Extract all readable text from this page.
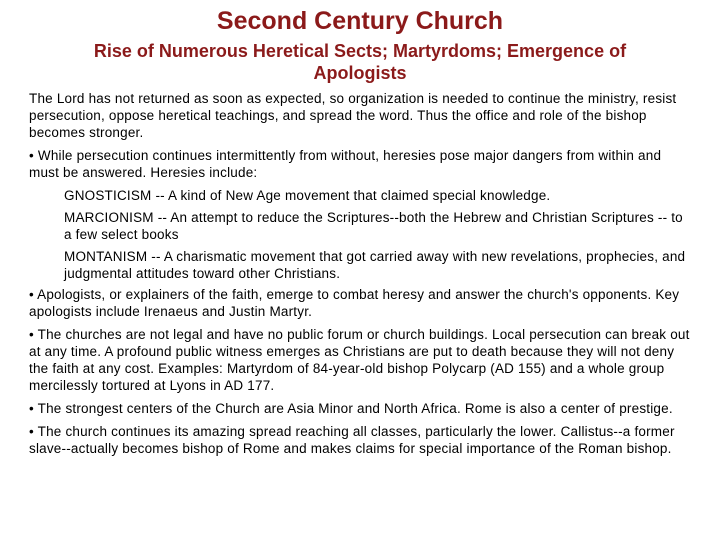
Second Century Church
Rise of Numerous Heretical Sects; Martyrdoms; Emergence of Apologists

The Lord has not returned as soon as expected, so organization is needed to continue the ministry, resist persecution, oppose heretical teachings, and spread the word. Thus the office and role of the bishop becomes stronger.

• While persecution continues intermittently from without, heresies pose major dangers from within and must be answered. Heresies include:

GNOSTICISM -- A kind of New Age movement that claimed special knowledge.

MARCIONISM -- An attempt to reduce the Scriptures--both the Hebrew and Christian Scriptures -- to a few select books

MONTANISM -- A charismatic movement that got carried away with new revelations, prophecies, and judgmental attitudes toward other Christians.

• Apologists, or explainers of the faith, emerge to combat heresy and answer the church's opponents. Key apologists include Irenaeus and Justin Martyr.

• The churches are not legal and have no public forum or church buildings. Local persecution can break out at any time. A profound public witness emerges as Christians are put to death because they will not deny the faith at any cost. Examples: Martyrdom of 84-year-old bishop Polycarp (AD 155) and a whole group mercilessly tortured at Lyons in AD 177.

• The strongest centers of the Church are Asia Minor and North Africa. Rome is also a center of prestige.

• The church continues its amazing spread reaching all classes, particularly the lower. Callistus--a former slave--actually becomes bishop of Rome and makes claims for special importance of the Roman bishop.
